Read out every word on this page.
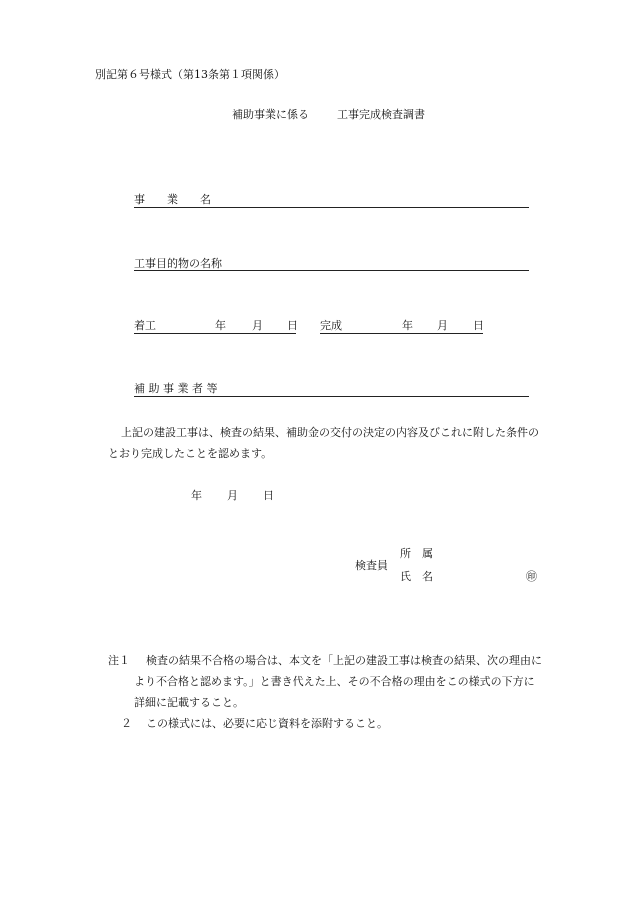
別記第６号様式（第13条第１項関係）
補助事業に係る	工事完成検査調書
事　　業　　名
工事目的物の名称
着工	年 月 日 完成	年 月 日
補 助 事 業 者 等
上記の建設工事は、検査の結果、補助金の交付の決定の内容及びこれに附した条件の
とおり完成したことを認めます。
年 月 日
検査員
所　属
氏　名	㊞
注１ 検査の結果不合格の場合は、本文を「上記の建設工事は検査の結果、次の理由に
より不合格と認めます。」と書き代えた上、その不合格の理由をこの様式の下方に
詳細に記載すること。
２ この様式には、必要に応じ資料を添附すること。
